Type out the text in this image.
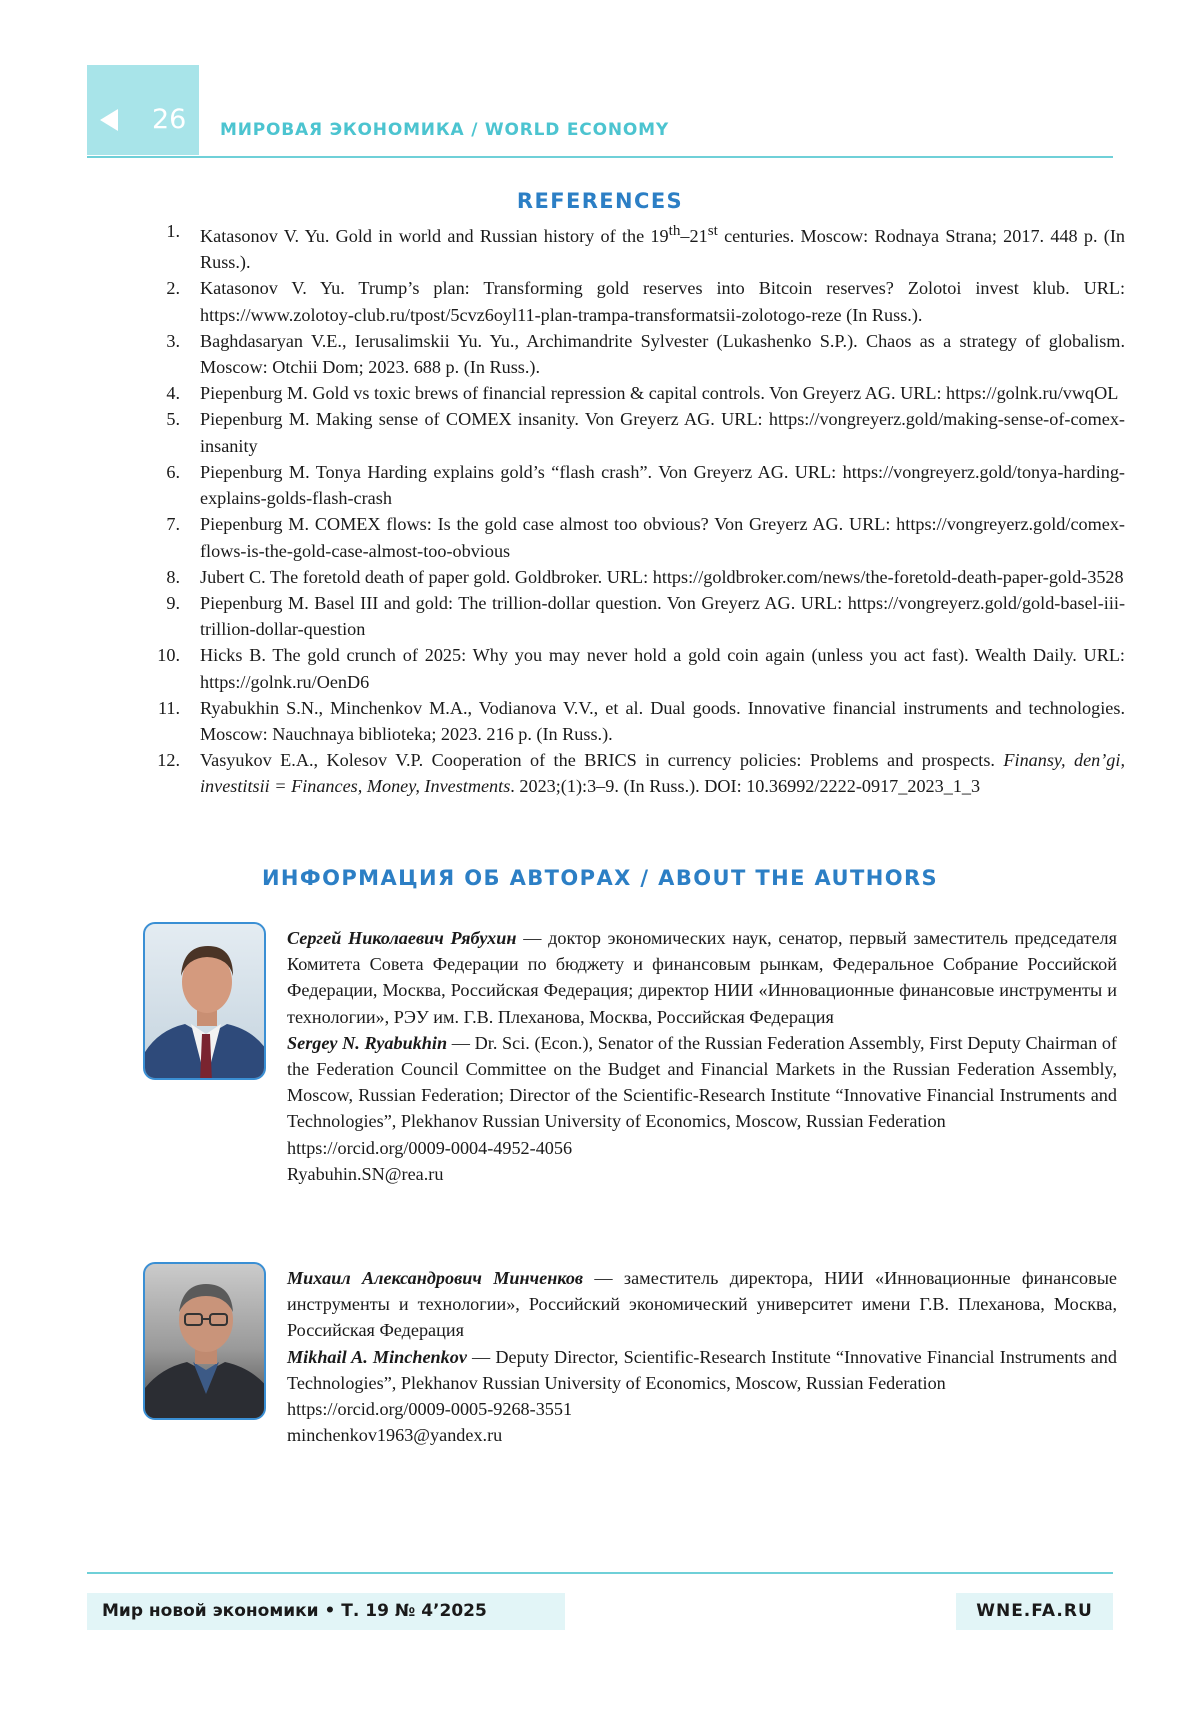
26 МИРОВАЯ ЭКОНОМИКА / WORLD ECONOMY
REFERENCES
1. Katasonov V. Yu. Gold in world and Russian history of the 19th–21st centuries. Moscow: Rodnaya Strana; 2017. 448 p. (In Russ.).
2. Katasonov V. Yu. Trump’s plan: Transforming gold reserves into Bitcoin reserves? Zolotoi invest klub. URL: https://www.zolotoy-club.ru/tpost/5cvz6oyl11-plan-trampa-transformatsii-zolotogo-reze (In Russ.).
3. Baghdasaryan V.E., Ierusalimskii Yu. Yu., Archimandrite Sylvester (Lukashenko S.P.). Chaos as a strategy of globalism. Moscow: Otchii Dom; 2023. 688 p. (In Russ.).
4. Piepenburg M. Gold vs toxic brews of financial repression & capital controls. Von Greyerz AG. URL: https://golnk.ru/vwqOL
5. Piepenburg M. Making sense of COMEX insanity. Von Greyerz AG. URL: https://vongreyerz.gold/making-sense-of-comex-insanity
6. Piepenburg M. Tonya Harding explains gold’s “flash crash”. Von Greyerz AG. URL: https://vongreyerz.gold/tonya-harding-explains-golds-flash-crash
7. Piepenburg M. COMEX flows: Is the gold case almost too obvious? Von Greyerz AG. URL: https://vongreyerz.gold/comex-flows-is-the-gold-case-almost-too-obvious
8. Jubert C. The foretold death of paper gold. Goldbroker. URL: https://goldbroker.com/news/the-foretold-death-paper-gold-3528
9. Piepenburg M. Basel III and gold: The trillion-dollar question. Von Greyerz AG. URL: https://vongreyerz.gold/gold-basel-iii-trillion-dollar-question
10. Hicks B. The gold crunch of 2025: Why you may never hold a gold coin again (unless you act fast). Wealth Daily. URL: https://golnk.ru/OenD6
11. Ryabukhin S.N., Minchenkov M.A., Vodianova V.V., et al. Dual goods. Innovative financial instruments and technologies. Moscow: Nauchnaya biblioteka; 2023. 216 p. (In Russ.).
12. Vasyukov E.A., Kolesov V.P. Cooperation of the BRICS in currency policies: Problems and prospects. Finansy, den’gi, investitsii = Finances, Money, Investments. 2023;(1):3–9. (In Russ.). DOI: 10.36992/2222-0917_2023_1_3
ИНФОРМАЦИЯ ОБ АВТОРАХ / ABOUT THE AUTHORS
Сергей Николаевич Рябухин — доктор экономических наук, сенатор, первый заместитель председателя Комитета Совета Федерации по бюджету и финансовым рынкам, Федеральное Собрание Российской Федерации, Москва, Российская Федерация; директор НИИ «Инновационные финансовые инструменты и технологии», РЭУ им. Г.В. Плеханова, Москва, Российская Федерация
Sergey N. Ryabukhin — Dr. Sci. (Econ.), Senator of the Russian Federation Assembly, First Deputy Chairman of the Federation Council Committee on the Budget and Financial Markets in the Russian Federation Assembly, Moscow, Russian Federation; Director of the Scientific-Research Institute “Innovative Financial Instruments and Technologies”, Plekhanov Russian University of Economics, Moscow, Russian Federation
https://orcid.org/0009-0004-4952-4056
Ryabuhin.SN@rea.ru
Михаил Александрович Минченков — заместитель директора, НИИ «Инновационные финансовые инструменты и технологии», Российский экономический университет имени Г.В. Плеханова, Москва, Российская Федерация
Mikhail A. Minchenkov — Deputy Director, Scientific-Research Institute “Innovative Financial Instruments and Technologies”, Plekhanov Russian University of Economics, Moscow, Russian Federation
https://orcid.org/0009-0005-9268-3551
minchenkov1963@yandex.ru
Мир новой экономики • Т. 19 № 4’2025	WNE.FA.RU
